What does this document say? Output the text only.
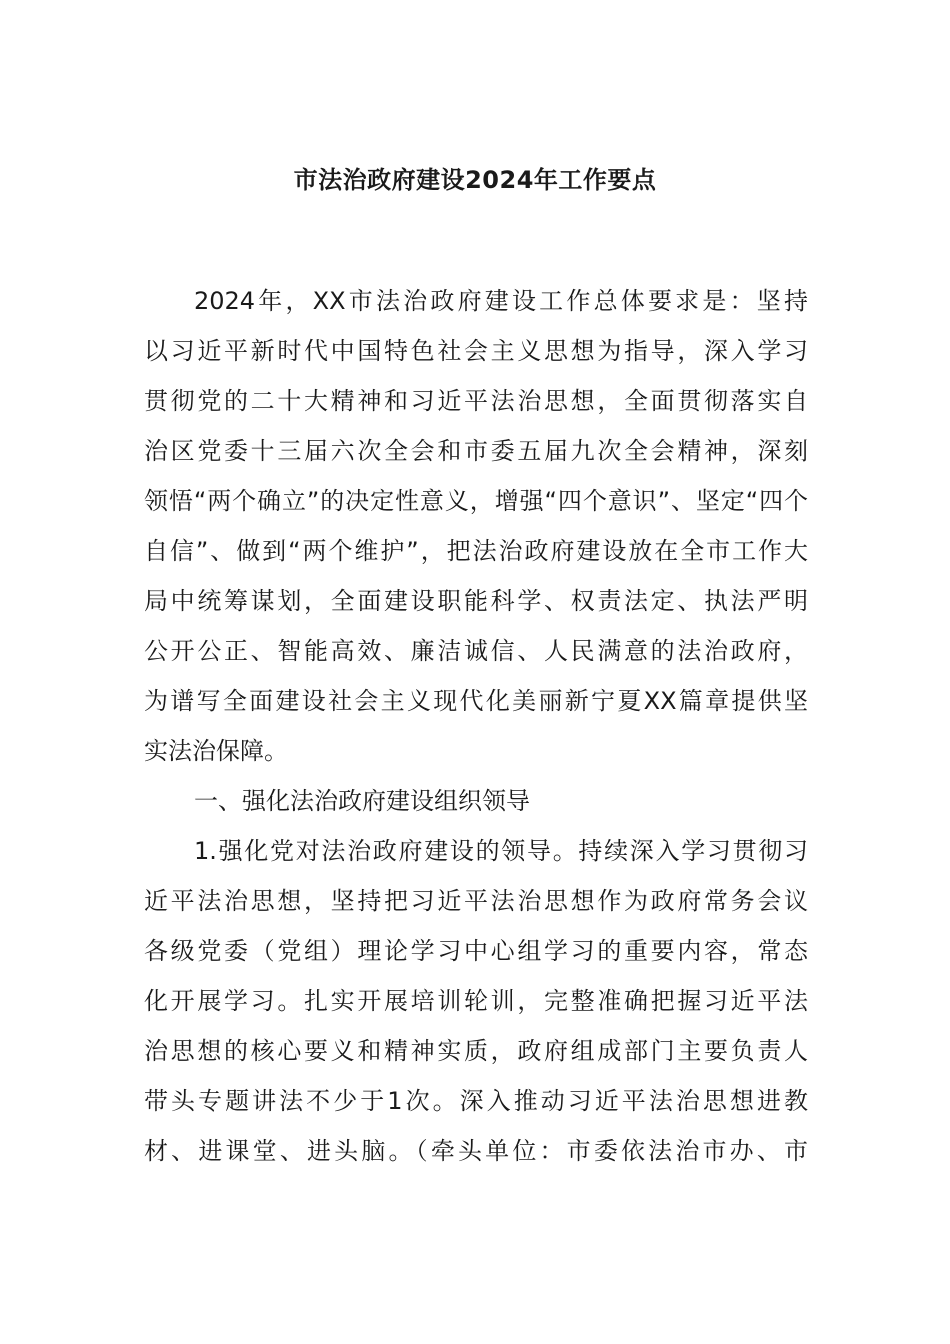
市法治政府建设2024年工作要点
2024年，XX市法治政府建设工作总体要求是：坚持
以习近平新时代中国特色社会主义思想为指导，深入学习
贯彻党的二十大精神和习近平法治思想，全面贯彻落实自
治区党委十三届六次全会和市委五届九次全会精神，深刻
领悟“两个确立”的决定性意义，增强“四个意识”、坚定“四个
自信”、做到“两个维护”，把法治政府建设放在全市工作大
局中统筹谋划，全面建设职能科学、权责法定、执法严明
公开公正、智能高效、廉洁诚信、人民满意的法治政府，
为谱写全面建设社会主义现代化美丽新宁夏XX篇章提供坚
实法治保障。
一、强化法治政府建设组织领导
1.强化党对法治政府建设的领导。持续深入学习贯彻习
近平法治思想，坚持把习近平法治思想作为政府常务会议
各级党委（党组）理论学习中心组学习的重要内容，常态
化开展学习。扎实开展培训轮训，完整准确把握习近平法
治思想的核心要义和精神实质，政府组成部门主要负责人
带头专题讲法不少于1次。深入推动习近平法治思想进教
材、进课堂、进头脑。（牵头单位：市委依法治市办、市
